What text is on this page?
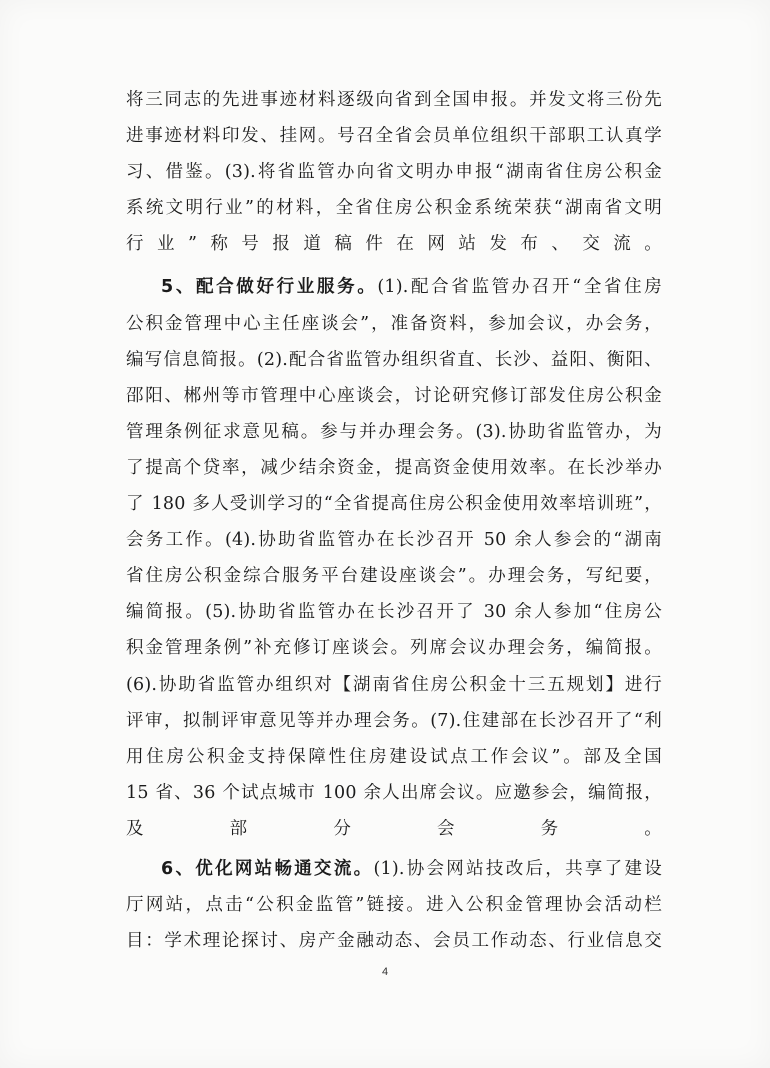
将三同志的先进事迹材料逐级向省到全国申报。并发文将三份先
进事迹材料印发、挂网。号召全省会员单位组织干部职工认真学
习、借鉴。(3).将省监管办向省文明办申报“湖南省住房公积金
系统文明行业”的材料，全省住房公积金系统荣获“湖南省文明
行业”称号报道稿件在网站发布、交流。
5、配合做好行业服务。(1).配合省监管办召开“全省住房
公积金管理中心主任座谈会”，准备资料，参加会议，办会务，
编写信息简报。(2).配合省监管办组织省直、长沙、益阳、衡阳、
邵阳、郴州等市管理中心座谈会，讨论研究修订部发住房公积金
管理条例征求意见稿。参与并办理会务。(3).协助省监管办，为
了提高个贷率，减少结余资金，提高资金使用效率。在长沙举办
了 180 多人受训学习的“全省提高住房公积金使用效率培训班”，
会务工作。(4).协助省监管办在长沙召开 50 余人参会的“湖南
省住房公积金综合服务平台建设座谈会”。办理会务，写纪要，
编简报。(5).协助省监管办在长沙召开了 30 余人参加“住房公
积金管理条例”补充修订座谈会。列席会议办理会务，编简报。
(6).协助省监管办组织对【湖南省住房公积金十三五规划】进行
评审，拟制评审意见等并办理会务。(7).住建部在长沙召开了“利
用住房公积金支持保障性住房建设试点工作会议”。部及全国
15 省、36 个试点城市 100 余人出席会议。应邀参会，编简报，
及部分会务。
6、优化网站畅通交流。(1).协会网站技改后，共享了建设
厅网站，点击“公积金监管”链接。进入公积金管理协会活动栏
目：学术理论探讨、房产金融动态、会员工作动态、行业信息交
4
